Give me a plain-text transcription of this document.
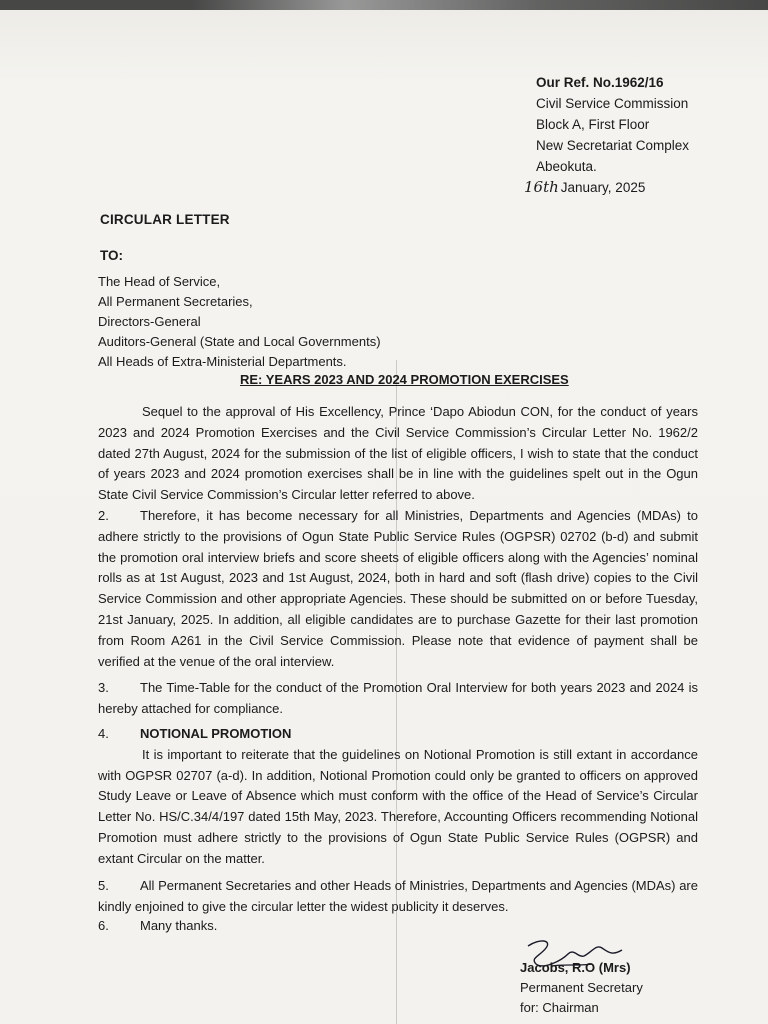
Our Ref. No.1962/16
Civil Service Commission
Block A, First Floor
New Secretariat Complex
Abeokuta.
16th January, 2025
CIRCULAR LETTER
TO:
The Head of Service,
All Permanent Secretaries,
Directors-General
Auditors-General (State and Local Governments)
All Heads of Extra-Ministerial Departments.
RE: YEARS 2023 AND 2024 PROMOTION EXERCISES
Sequel to the approval of His Excellency, Prince ‘Dapo Abiodun CON, for the conduct of years 2023 and 2024 Promotion Exercises and the Civil Service Commission’s Circular Letter No. 1962/2 dated 27th August, 2024 for the submission of the list of eligible officers, I wish to state that the conduct of years 2023 and 2024 promotion exercises shall be in line with the guidelines spelt out in the Ogun State Civil Service Commission’s Circular letter referred to above.
2. Therefore, it has become necessary for all Ministries, Departments and Agencies (MDAs) to adhere strictly to the provisions of Ogun State Public Service Rules (OGPSR) 02702 (b-d) and submit the promotion oral interview briefs and score sheets of eligible officers along with the Agencies’ nominal rolls as at 1st August, 2023 and 1st August, 2024, both in hard and soft (flash drive) copies to the Civil Service Commission and other appropriate Agencies. These should be submitted on or before Tuesday, 21st January, 2025. In addition, all eligible candidates are to purchase Gazette for their last promotion from Room A261 in the Civil Service Commission. Please note that evidence of payment shall be verified at the venue of the oral interview.
3. The Time-Table for the conduct of the Promotion Oral Interview for both years 2023 and 2024 is hereby attached for compliance.
4. NOTIONAL PROMOTION
It is important to reiterate that the guidelines on Notional Promotion is still extant in accordance with OGPSR 02707 (a-d). In addition, Notional Promotion could only be granted to officers on approved Study Leave or Leave of Absence which must conform with the office of the Head of Service’s Circular Letter No. HS/C.34/4/197 dated 15th May, 2023. Therefore, Accounting Officers recommending Notional Promotion must adhere strictly to the provisions of Ogun State Public Service Rules (OGPSR) and extant Circular on the matter.
5. All Permanent Secretaries and other Heads of Ministries, Departments and Agencies (MDAs) are kindly enjoined to give the circular letter the widest publicity it deserves.
6. Many thanks.
Jacobs, R.O (Mrs)
Permanent Secretary
for: Chairman
